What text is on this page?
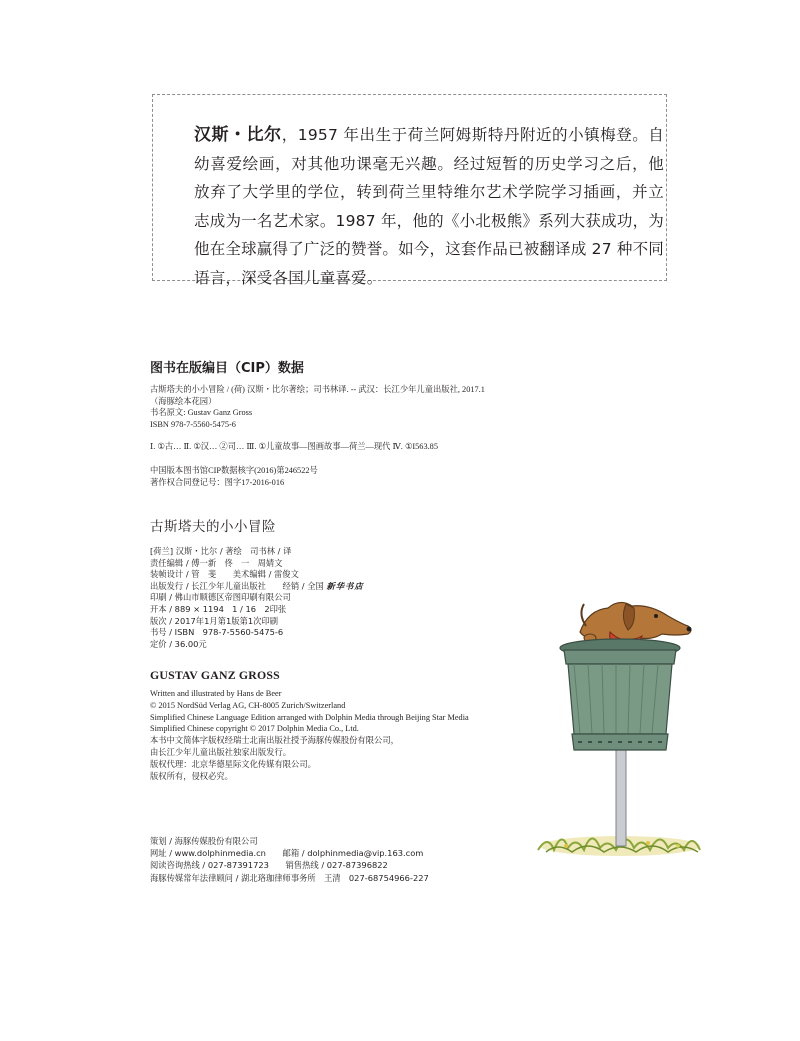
汉斯・比尔，1957 年出生于荷兰阿姆斯特丹附近的小镇梅登。自幼喜爱绘画，对其他功课毫无兴趣。经过短暂的历史学习之后，他放弃了大学里的学位，转到荷兰里特维尔艺术学院学习插画，并立志成为一名艺术家。1987 年，他的《小北极熊》系列大获成功，为他在全球赢得了广泛的赞誉。如今，这套作品已被翻译成 27 种不同语言，深受各国儿童喜爱。
图书在版编目（CIP）数据
古斯塔夫的小小冒险 / (荷) 汉斯・比尔著绘；司书林译. -- 武汉：长江少年儿童出版社, 2017.1
（海豚绘本花园）
书名原文: Gustav Ganz Gross
ISBN 978-7-5560-5475-6
Ⅰ. ①古… Ⅱ. ①汉… ②司… Ⅲ. ①儿童故事—图画故事—荷兰—现代 Ⅳ. ①I563.85
中国版本图书馆CIP数据核字(2016)第246522号
著作权合同登记号：图字17-2016-016
古斯塔夫的小小冒险
[荷兰] 汉斯・比尔 / 著绘　司书林 / 译
责任编辑 / 傅一新　佟　一　周婧文
装帧设计 / 管　斐　　美术编辑 / 雷俊文
出版发行 / 长江少年儿童出版社　　经销 / 全国 新华书店
印刷 / 佛山市顺德区帝图印刷有限公司
开本 / 889 × 1194　1 / 16　2印张
版次 / 2017年1月第1版第1次印刷
书号 / ISBN　978-7-5560-5475-6
定价 / 36.00元
GUSTAV GANZ GROSS
Written and illustrated by Hans de Beer
© 2015 NordSüd Verlag AG, CH-8005 Zurich/Switzerland
Simplified Chinese Language Edition arranged with Dolphin Media through Beijing Star Media
Simplified Chinese copyright © 2017 Dolphin Media Co., Ltd.
本书中文简体字版权经瑞士北南出版社授予海豚传媒股份有限公司，
由长江少年儿童出版社独家出版发行。
版权代理：北京华德星际文化传媒有限公司。
版权所有，侵权必究。
策划 / 海豚传媒股份有限公司
网址 / www.dolphinmedia.cn　　邮箱 / dolphinmedia@vip.163.com
阅读咨询热线 / 027-87391723　　销售热线 / 027-87396822
海豚传媒常年法律顾问 / 湖北珞珈律师事务所　王清　027-68754966-227
